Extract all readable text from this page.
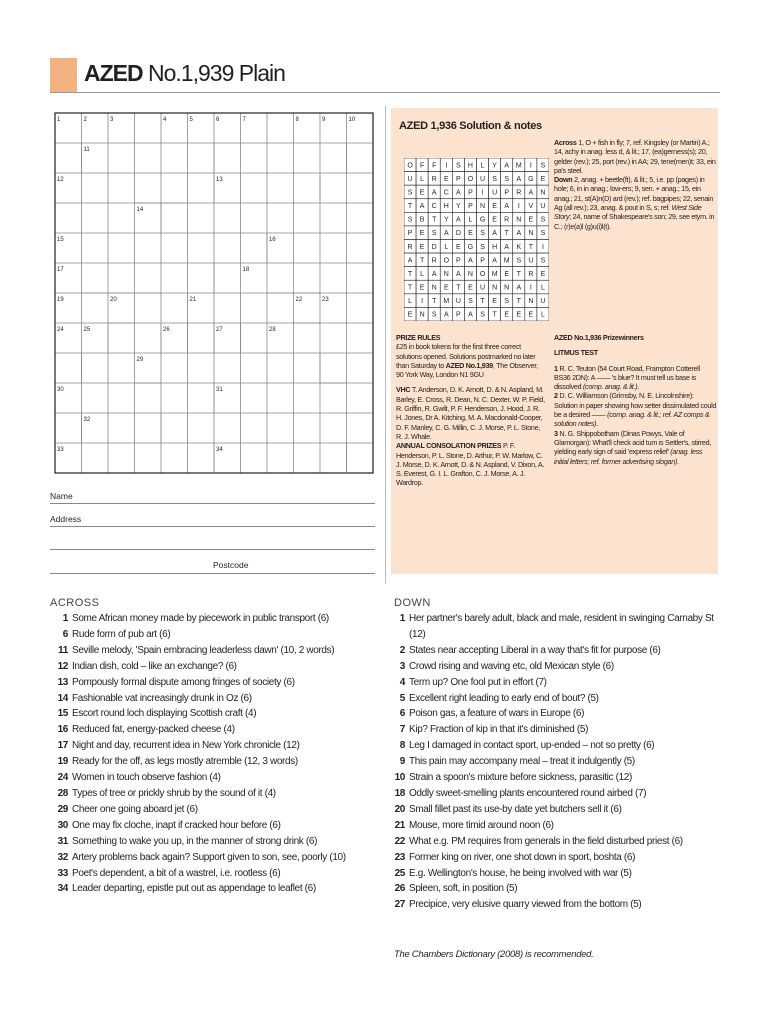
AZED No.1,939 Plain
1	2	3	4	5	6	7	8	9	10
11
12	13
14
15	16
17	18
19	20	21	22	23
24	25	26	27	28
29
30	31
32
33	34
Name
Address
Postcode
AZED 1,936 Solution & notes
O F F I S H L Y A M I S
U L R E P O U S S A G E
S E A C A P I U P R A N
T A C H Y P N E A I V U
S B T Y A L G E R N E S
P E S A D E S A T A N S
R E D L E G S H A K T I
A T R O P A P A M S U S
T L A N A N O M E T R E
T E N E T E U N N A I L
L I T M U S T E S T N U
E N S A P A S T E E E L
Across 1, O + fish in fly; 7, ref. Kingsley (or Martin) A.; 14, achy in anag. less d, & lit.; 17, (ea)gerness(s); 20, gelder (rev.); 25, port (rev.) in AA; 29, tene(men)t; 33, ein pa's steel.
Down 2, anag. + beetle(ft), & lit.; 5, i.e. pp (pages) in hole; 6, in in anag.; low-ers; 9, sen. + anag.; 15, ein anag.; 21, st(A)n(D) ard (rev.); ref. bagpipes; 22, senain Ag (all rev.); 23, anag. & pout in S, s; ref. West Side Story; 24, name of Shakespeare's son; 29, see etym. in C.; (r)e(a)l (g)u(i)l(t).
PRIZE RULES
£25 in book tokens for the first three correct solutions opened. Solutions postmarked no later than Saturday to AZED No.1,939, The Observer, 90 York Way, London N1 9GU
VHC T. Anderson, D. K. Arnott, D. & N. Aspland, M. Barley, E. Cross, R. Dean, N. C. Dexter, W. P. Field, R. Griffin, R. Gwilt, P. F. Henderson, J. Hood, J. R. H. Jones, Dr A. Kitching, M. A. Macdonald-Cooper, D. F. Manley, C. G. Millin, C. J. Morse, P. L. Stone, R. J. Whale.
ANNUAL CONSOLATION PRIZES P. F. Henderson, P. L. Stone, D. Arthur, P. W. Marlow, C. J. Morse, D. K. Arnott, D. & N. Aspland, V. Dixon, A. S. Everest, G. I. L. Grafton, C. J. Morse, A. J. Wardrop.
AZED No.1,936 Prizewinners
LITMUS TEST
1 R. C. Teuton (54 Court Road, Frampton Cotterell BS36 2DN): A —— 's blue? It must tell us base is dissolved (comp. anag. & lit.).
2 D. C. Williamson (Grimsby, N. E. Lincolnshire): Solution in paper showing how setter dissimulated could be a desired —— (comp. anag. & lit.; ref. AZ comps & solution notes).
3 N. G. Shippobotham (Dinas Powys, Vale of Glamorgan): What'll check acid tum is Settler's, stirred, yielding early sign of said 'express relief' (anag. less initial letters; ref. former advertising slogan).
ACROSS
1 Some African money made by piecework in public transport (6)
6 Rude form of pub art (6)
11 Seville melody, 'Spain embracing leaderless dawn' (10, 2 words)
12 Indian dish, cold – like an exchange? (6)
13 Pompously formal dispute among fringes of society (6)
14 Fashionable vat increasingly drunk in Oz (6)
15 Escort round loch displaying Scottish craft (4)
16 Reduced fat, energy-packed cheese (4)
17 Night and day, recurrent idea in New York chronicle (12)
19 Ready for the off, as legs mostly atremble (12, 3 words)
24 Women in touch observe fashion (4)
28 Types of tree or prickly shrub by the sound of it (4)
29 Cheer one going aboard jet (6)
30 One may fix cloche, inapt if cracked hour before (6)
31 Something to wake you up, in the manner of strong drink (6)
32 Artery problems back again? Support given to son, see, poorly (10)
33 Poet's dependent, a bit of a wastrel, i.e. rootless (6)
34 Leader departing, epistle put out as appendage to leaflet (6)
DOWN
1 Her partner's barely adult, black and male, resident in swinging Carnaby St (12)
2 States near accepting Liberal in a way that's fit for purpose (6)
3 Crowd rising and waving etc, old Mexican style (6)
4 Term up? One fool put in effort (7)
5 Excellent right leading to early end of bout? (5)
6 Poison gas, a feature of wars in Europe (6)
7 Kip? Fraction of kip in that it's diminished (5)
8 Leg I damaged in contact sport, up-ended – not so pretty (6)
9 This pain may accompany meal – treat it indulgently (5)
10 Strain a spoon's mixture before sickness, parasitic (12)
18 Oddly sweet-smelling plants encountered round airbed (7)
20 Small fillet past its use-by date yet butchers sell it (6)
21 Mouse, more timid around noon (6)
22 What e.g. PM requires from generals in the field disturbed priest (6)
23 Former king on river, one shot down in sport, boshta (6)
25 E.g. Wellington's house, he being involved with war (5)
26 Spleen, soft, in position (5)
27 Precipice, very elusive quarry viewed from the bottom (5)
The Chambers Dictionary (2008) is recommended.
